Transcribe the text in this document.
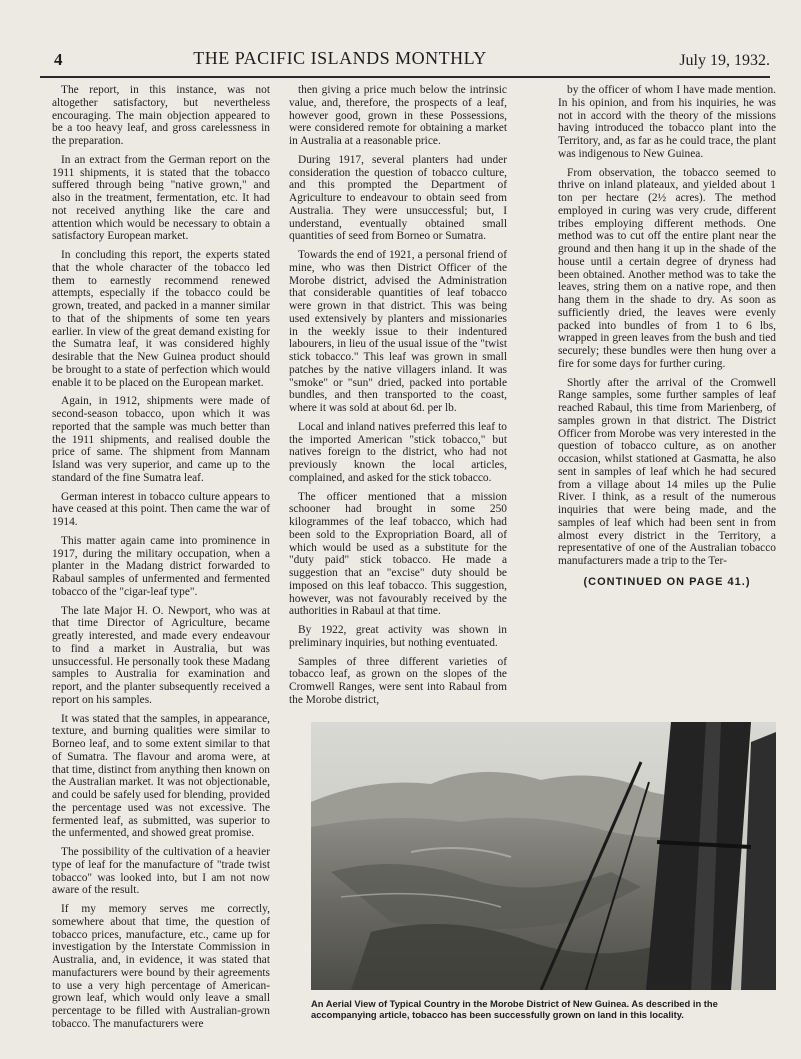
4	THE PACIFIC ISLANDS MONTHLY	July 19, 1932.

The report, in this instance, was not altogether satisfactory, but nevertheless encouraging. The main objection appeared to be a too heavy leaf, and gross carelessness in the preparation.

In an extract from the German report on the 1911 shipments, it is stated that the tobacco suffered through being "native grown," and also in the treatment, fermentation, etc. It had not received anything like the care and attention which would be necessary to obtain a satisfactory European market.

In concluding this report, the experts stated that the whole character of the tobacco led them to earnestly recommend renewed attempts, especially if the tobacco could be grown, treated, and packed in a manner similar to that of the shipments of some ten years earlier. In view of the great demand existing for the Sumatra leaf, it was considered highly desirable that the New Guinea product should be brought to a state of perfection which would enable it to be placed on the European market.

Again, in 1912, shipments were made of second-season tobacco, upon which it was reported that the sample was much better than the 1911 shipments, and realised double the price of same. The shipment from Mannam Island was very superior, and came up to the standard of the fine Sumatra leaf.

German interest in tobacco culture appears to have ceased at this point. Then came the war of 1914.

This matter again came into prominence in 1917, during the military occupation, when a planter in the Madang district forwarded to Rabaul samples of unfermented and fermented tobacco of the "cigar-leaf type".

The late Major H. O. Newport, who was at that time Director of Agriculture, became greatly interested, and made every endeavour to find a market in Australia, but was unsuccessful. He personally took these Madang samples to Australia for examination and report, and the planter subsequently received a report on his samples.

It was stated that the samples, in appearance, texture, and burning qualities were similar to Borneo leaf, and to some extent similar to that of Sumatra. The flavour and aroma were, at that time, distinct from anything then known on the Australian market. It was not objectionable, and could be safely used for blending, provided the percentage used was not excessive. The fermented leaf, as submitted, was superior to the unfermented, and showed great promise.

The possibility of the cultivation of a heavier type of leaf for the manufacture of "trade twist tobacco" was looked into, but I am not now aware of the result.

If my memory serves me correctly, somewhere about that time, the question of tobacco prices, manufacture, etc., came up for investigation by the Interstate Commission in Australia, and, in evidence, it was stated that manufacturers were bound by their agreements to use a very high percentage of American-grown leaf, which would only leave a small percentage to be filled with Australian-grown tobacco. The manufacturers were

then giving a price much below the intrinsic value, and, therefore, the prospects of a leaf, however good, grown in these Possessions, were considered remote for obtaining a market in Australia at a reasonable price.

During 1917, several planters had under consideration the question of tobacco culture, and this prompted the Department of Agriculture to endeavour to obtain seed from Australia. They were unsuccessful; but, I understand, eventually obtained small quantities of seed from Borneo or Sumatra.

Towards the end of 1921, a personal friend of mine, who was then District Officer of the Morobe district, advised the Administration that considerable quantities of leaf tobacco were grown in that district. This was being used extensively by planters and missionaries in the weekly issue to their indentured labourers, in lieu of the usual issue of the "twist stick tobacco." This leaf was grown in small patches by the native villagers inland. It was "smoke" or "sun" dried, packed into portable bundles, and then transported to the coast, where it was sold at about 6d. per lb.

Local and inland natives preferred this leaf to the imported American "stick tobacco," but natives foreign to the district, who had not previously known the local articles, complained, and asked for the stick tobacco.

The officer mentioned that a mission schooner had brought in some 250 kilogrammes of the leaf tobacco, which had been sold to the Expropriation Board, all of which would be used as a substitute for the "duty paid" stick tobacco. He made a suggestion that an "excise" duty should be imposed on this leaf tobacco. This suggestion, however, was not favourably received by the authorities in Rabaul at that time.

By 1922, great activity was shown in preliminary inquiries, but nothing eventuated.

Samples of three different varieties of tobacco leaf, as grown on the slopes of the Cromwell Ranges, were sent into Rabaul from the Morobe district,

by the officer of whom I have made mention. In his opinion, and from his inquiries, he was not in accord with the theory of the missions having introduced the tobacco plant into the Territory, and, as far as he could trace, the plant was indigenous to New Guinea.

From observation, the tobacco seemed to thrive on inland plateaux, and yielded about 1 ton per hectare (2½ acres). The method employed in curing was very crude, different tribes employing different methods. One method was to cut off the entire plant near the ground and then hang it up in the shade of the house until a certain degree of dryness had been obtained. Another method was to take the leaves, string them on a native rope, and then hang them in the shade to dry. As soon as sufficiently dried, the leaves were evenly packed into bundles of from 1 to 6 lbs, wrapped in green leaves from the bush and tied securely; these bundles were then hung over a fire for some days for further curing.

Shortly after the arrival of the Cromwell Range samples, some further samples of leaf reached Rabaul, this time from Marienberg, of samples grown in that district. The District Officer from Morobe was very interested in the question of tobacco culture, as on another occasion, whilst stationed at Gasmatta, he also sent in samples of leaf which he had secured from a village about 14 miles up the Pulie River. I think, as a result of the numerous inquiries that were being made, and the samples of leaf which had been sent in from almost every district in the Territory, a representative of one of the Australian tobacco manufacturers made a trip to the Ter-

(CONTINUED ON PAGE 41.)

An Aerial View of Typical Country in the Morobe District of New Guinea. As described in the accompanying article, tobacco has been successfully grown on land in this locality.
